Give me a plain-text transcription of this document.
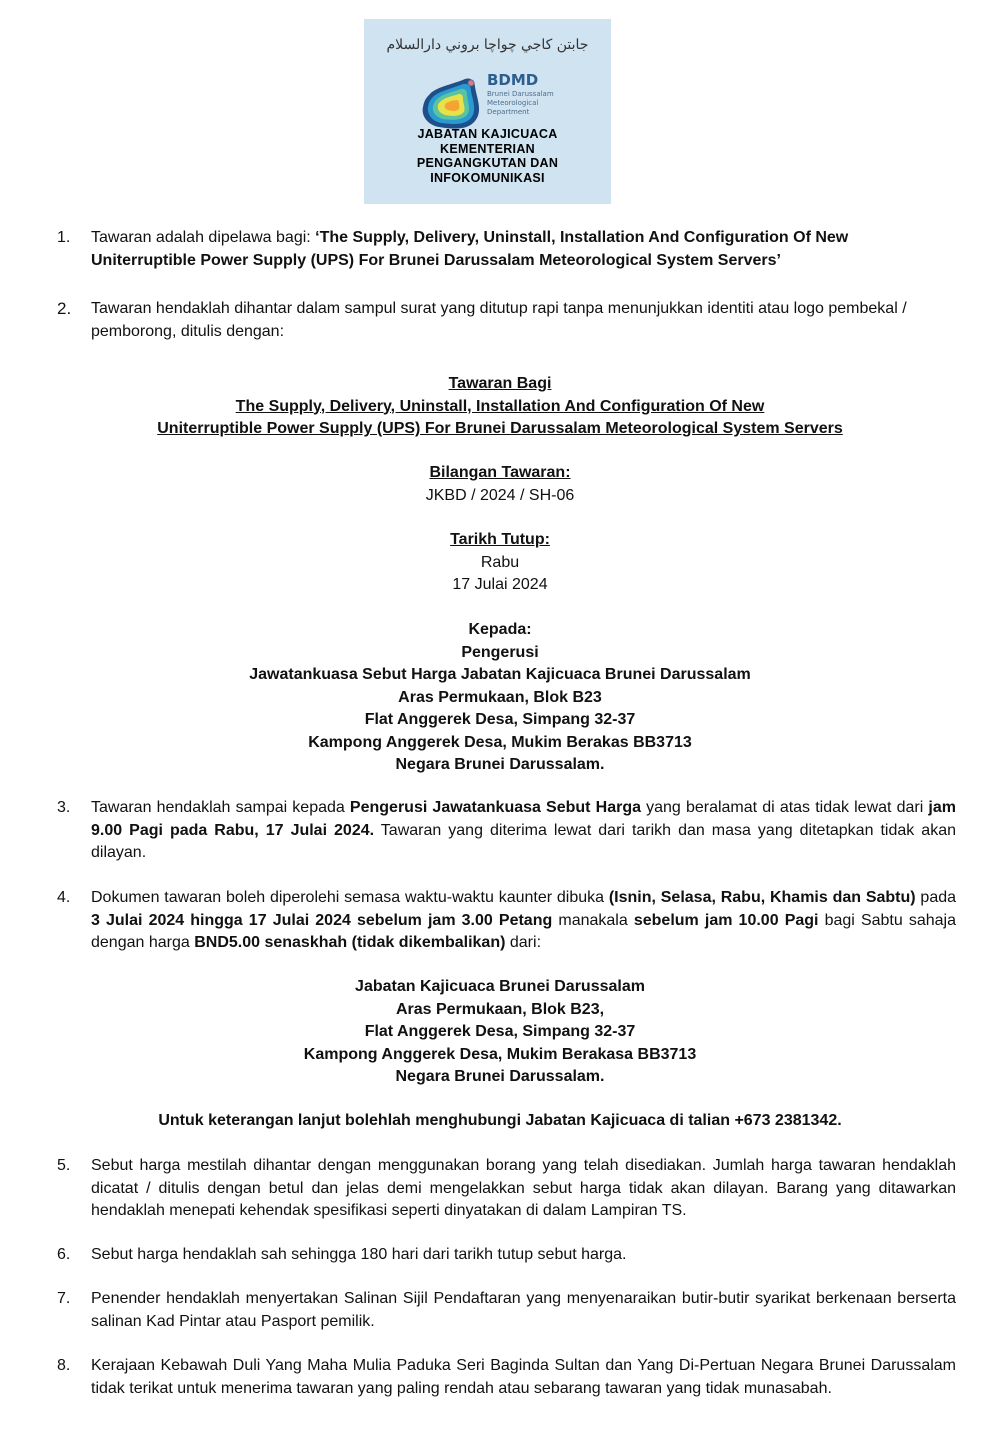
جابتن كاجي چواچا بروني دارالسلام
BDMD
Brunei Darussalam
Meteorological
Department
JABATAN KAJICUACA
KEMENTERIAN
PENGANGKUTAN DAN
INFOKOMUNIKASI
1. Tawaran adalah dipelawa bagi: ‘The Supply, Delivery, Uninstall, Installation And Configuration Of New Uniterruptible Power Supply (UPS) For Brunei Darussalam Meteorological System Servers’
2. Tawaran hendaklah dihantar dalam sampul surat yang ditutup rapi tanpa menunjukkan identiti atau logo pembekal / pemborong, ditulis dengan:
Tawaran Bagi
The Supply, Delivery, Uninstall, Installation And Configuration Of New
Uniterruptible Power Supply (UPS) For Brunei Darussalam Meteorological System Servers
Bilangan Tawaran:
JKBD / 2024 / SH-06
Tarikh Tutup:
Rabu
17 Julai 2024
Kepada:
Pengerusi
Jawatankuasa Sebut Harga Jabatan Kajicuaca Brunei Darussalam
Aras Permukaan, Blok B23
Flat Anggerek Desa, Simpang 32-37
Kampong Anggerek Desa, Mukim Berakas BB3713
Negara Brunei Darussalam.
3. Tawaran hendaklah sampai kepada Pengerusi Jawatankuasa Sebut Harga yang beralamat di atas tidak lewat dari jam 9.00 Pagi pada Rabu, 17 Julai 2024. Tawaran yang diterima lewat dari tarikh dan masa yang ditetapkan tidak akan dilayan.
4. Dokumen tawaran boleh diperolehi semasa waktu-waktu kaunter dibuka (Isnin, Selasa, Rabu, Khamis dan Sabtu) pada 3 Julai 2024 hingga 17 Julai 2024 sebelum jam 3.00 Petang manakala sebelum jam 10.00 Pagi bagi Sabtu sahaja dengan harga BND5.00 senaskhah (tidak dikembalikan) dari:
Jabatan Kajicuaca Brunei Darussalam
Aras Permukaan, Blok B23,
Flat Anggerek Desa, Simpang 32-37
Kampong Anggerek Desa, Mukim Berakasa BB3713
Negara Brunei Darussalam.
Untuk keterangan lanjut bolehlah menghubungi Jabatan Kajicuaca di talian +673 2381342.
5. Sebut harga mestilah dihantar dengan menggunakan borang yang telah disediakan. Jumlah harga tawaran hendaklah dicatat / ditulis dengan betul dan jelas demi mengelakkan sebut harga tidak akan dilayan. Barang yang ditawarkan hendaklah menepati kehendak spesifikasi seperti dinyatakan di dalam Lampiran TS.
6. Sebut harga hendaklah sah sehingga 180 hari dari tarikh tutup sebut harga.
7. Penender hendaklah menyertakan Salinan Sijil Pendaftaran yang menyenaraikan butir-butir syarikat berkenaan berserta salinan Kad Pintar atau Pasport pemilik.
8. Kerajaan Kebawah Duli Yang Maha Mulia Paduka Seri Baginda Sultan dan Yang Di-Pertuan Negara Brunei Darussalam tidak terikat untuk menerima tawaran yang paling rendah atau sebarang tawaran yang tidak munasabah.
